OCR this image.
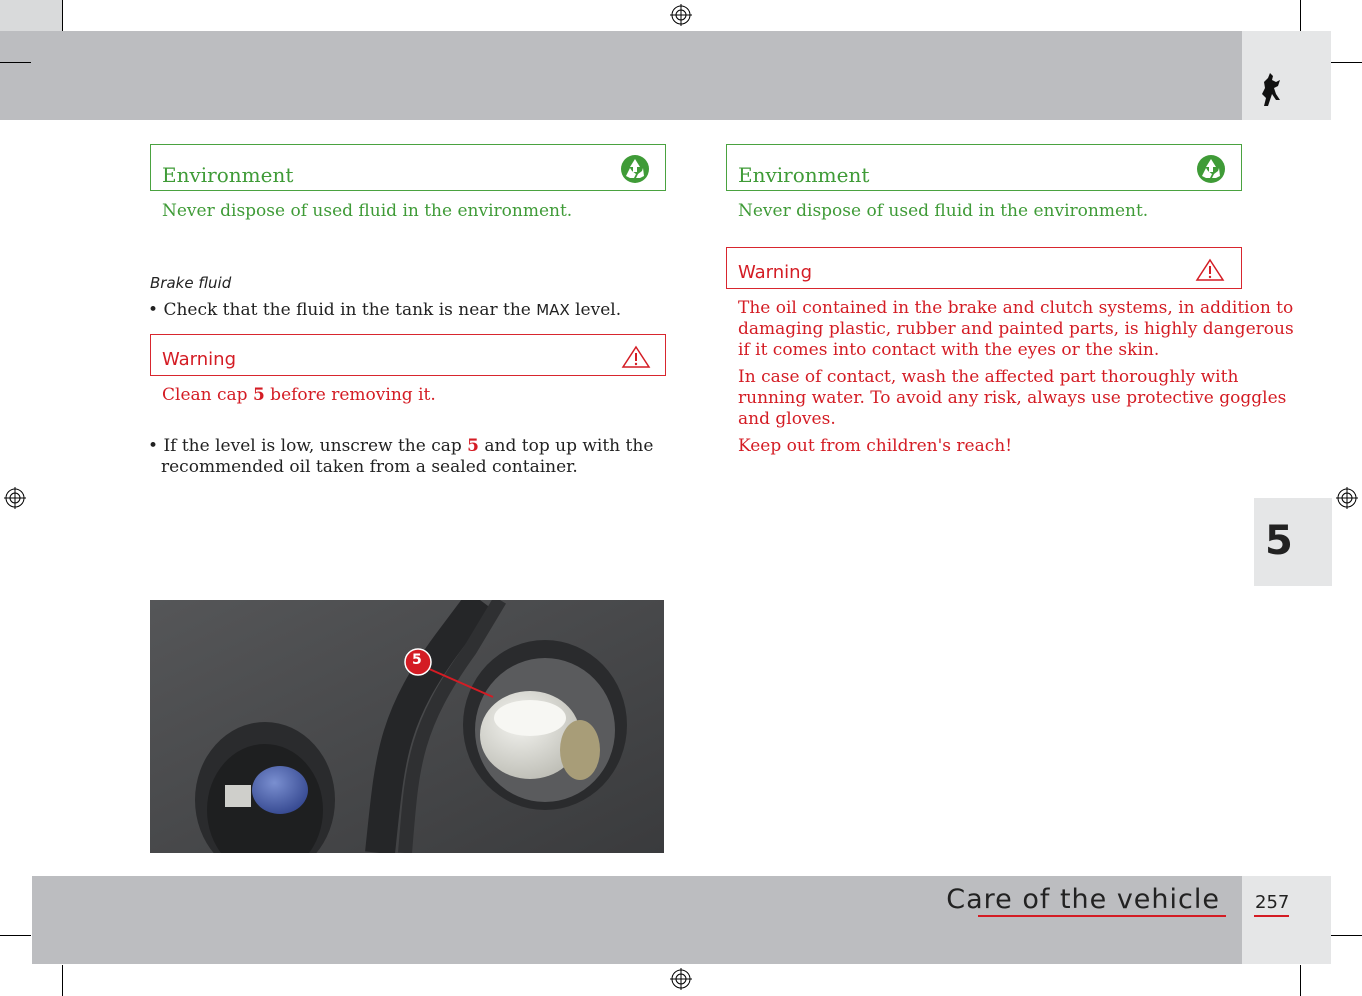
Environment

Never dispose of used fluid in the environment.

Brake fluid

• Check that the fluid in the tank is near the MAX level.

Warning

Clean cap 5 before removing it.

• If the level is low, unscrew the cap 5 and top up with the

recommended oil taken from a sealed container.

5
Environment

Never dispose of used fluid in the environment.

Warning

The oil contained in the brake and clutch systems, in addition to

damaging plastic, rubber and painted parts, is highly dangerous

if it comes into contact with the eyes or the skin.

In case of contact, wash the affected part thoroughly with

running water. To avoid any risk, always use protective goggles

and gloves.

Keep out from children's reach!

5
Care of the vehicle 257
